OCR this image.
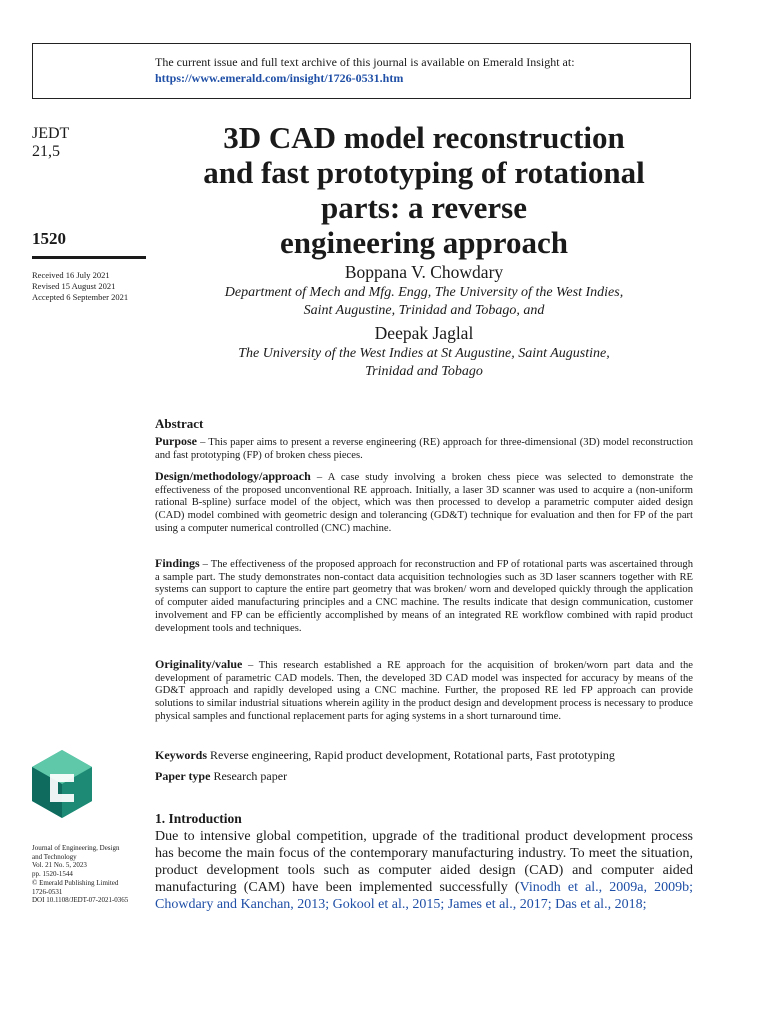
The current issue and full text archive of this journal is available on Emerald Insight at:
https://www.emerald.com/insight/1726-0531.htm
JEDT
21,5
1520
Received 16 July 2021
Revised 15 August 2021
Accepted 6 September 2021
3D CAD model reconstruction
and fast prototyping of rotational
parts: a reverse
engineering approach
Boppana V. Chowdary
Department of Mech and Mfg. Engg, The University of the West Indies,
Saint Augustine, Trinidad and Tobago, and
Deepak Jaglal
The University of the West Indies at St Augustine, Saint Augustine,
Trinidad and Tobago
Abstract
Purpose – This paper aims to present a reverse engineering (RE) approach for three-dimensional (3D) model reconstruction and fast prototyping (FP) of broken chess pieces.
Design/methodology/approach – A case study involving a broken chess piece was selected to demonstrate the effectiveness of the proposed unconventional RE approach. Initially, a laser 3D scanner was used to acquire a (non-uniform rational B-spline) surface model of the object, which was then processed to develop a parametric computer aided design (CAD) model combined with geometric design and tolerancing (GD&T) technique for evaluation and then for FP of the part using a computer numerical controlled (CNC) machine.
Findings – The effectiveness of the proposed approach for reconstruction and FP of rotational parts was ascertained through a sample part. The study demonstrates non-contact data acquisition technologies such as 3D laser scanners together with RE systems can support to capture the entire part geometry that was broken/ worn and developed quickly through the application of computer aided manufacturing principles and a CNC machine. The results indicate that design communication, customer involvement and FP can be efficiently accomplished by means of an integrated RE workflow combined with rapid product development tools and techniques.
Originality/value – This research established a RE approach for the acquisition of broken/worn part data and the development of parametric CAD models. Then, the developed 3D CAD model was inspected for accuracy by means of the GD&T approach and rapidly developed using a CNC machine. Further, the proposed RE led FP approach can provide solutions to similar industrial situations wherein agility in the product design and development process is necessary to produce physical samples and functional replacement parts for aging systems in a short turnaround time.
Keywords Reverse engineering, Rapid product development, Rotational parts, Fast prototyping
Paper type Research paper
Journal of Engineering, Design
and Technology
Vol. 21 No. 5, 2023
pp. 1520-1544
© Emerald Publishing Limited
1726-0531
DOI 10.1108/JEDT-07-2021-0365
1. Introduction
Due to intensive global competition, upgrade of the traditional product development process has become the main focus of the contemporary manufacturing industry. To meet the situation, product development tools such as computer aided design (CAD) and computer aided manufacturing (CAM) have been implemented successfully (Vinodh et al., 2009a, 2009b; Chowdary and Kanchan, 2013; Gokool et al., 2015; James et al., 2017; Das et al., 2018;
